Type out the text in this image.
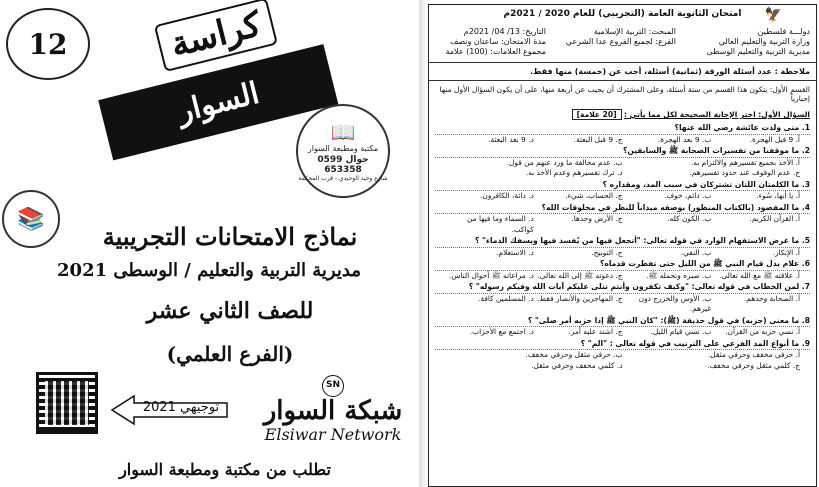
12	كراسة
السوار
📖
مكتبة ومطبعة السوار
جوال 0599 653358
شارع وحيد الوحيدي - قرب المحكمة
📚
نماذج الامتحانات التجريبية
مديرية التربية والتعليم / الوسطى 2021
للصف الثاني عشر
(الفرع العلمي)
توجيهي 2021
SN
شبكة السوار
Elsiwar Network
تطلب من مكتبة ومطبعة السوار
🦅
امتحان الثانوية العامة (التجريبي) للعام 2020 / 2021م
دولـــة فلسطين
وزارة التربية والتعليم العالي
مديرية التربية والتعليم الوسطى
المبحث: التربية الإسلامية
الفرع: لجميع الفروع عدا الشرعي
التاريخ: 13/ 04/ 2021م
مدة الامتحان: ساعتان ونصف
مجموع العلامات: (100) علامة
ملاحظة : عدد أسئلة الورقة (ثمانية) أسئلة، أجب عن (خمسة) منها فقط.
القسم الأول: يتكون هذا القسم من ستة أسئلة، وعلى المشترك أن يجيب عن أربعة منها، على أن يكون السؤال الأول منها إجبارياً
السؤال الأول: اختر الإجابة الصحيحة لكل مما يأتي : [20 علامة]
1. متى ولدت عائشة رضي الله عنها؟
أ. 9 قبل الهجرة.
ب. 9 بعد الهجرة.
ج. 9 قبل البعثة.
د. 9 بعد البعثة.
2. ما موقفنا من تفسيرات الصحابة ﷺ والسابقين؟
أ. الأخذ بجميع تفسيرهم والالتزام به.
ب. عدم مخالفة ما ورد عنهم من قول.
ج. عدم الوقوف عند حدود تفسيرهم.
د. ترك تفسيرهم وعدم الأخذ به.
3. ما الكلمتان اللتان تشتركان في سبب المد، ومقداره ؟
أ. يا أيها، سُوء.
ب. دائم، خوف.
ج. الحساب، شيء.
د. دائة، الكافرون.
4. ما المقصود (بالكتاب المنظور) بوصفه ميداناً للنظر في مخلوقات الله؟
أ. القرآن الكريم.
ب. الكون كله.
ج. الأرض وحدها.
د. السماء وما فيها من كواكب.
5. ما غرض الاستفهام الوارد في قوله تعالى: "أتجعل فيها من يُفسد فيها ويسفك الدماء" ؟
أ. الإنكار.
ب. النفي.
ج. التوبيخ.
د. الاستعلام.
6. علام يدل قيام النبي ﷺ من الليل حتى تفطرت قدماه؟
أ. علاقته ﷺ مع الله تعالى.
ب. صبره وتحمله ﷺ.
ج. دعوته ﷺ إلى الله تعالى.
د. مراعاته ﷺ أحوال الناس.
7. لمن الخطاب في قوله تعالى: "وكيف تكفرون وأنتم تتلى عليكم آيات الله وفيكم رسوله" ؟
أ. الصحابة وحدهم.
ب. الأوس والخزرج دون غيرهم.
ج. المهاجرين والأنصار فقط.
د. المسلمين كافة.
8. ما معنى (حزبه) في قول حذيفة (ﷺ): "كان النبي ﷺ إذا حزبه أمر صلى" ؟
أ. نسي حزبه من القرآن.
ب. نسي قيام الليل.
ج. اشتد عليه أمر.
د. اجتمع مع الأحزاب.
9. ما أنواع المد الفرعي على الترتيب في قوله تعالى : "الم" ؟
أ. حرفي مخفف وحرفي مثقل.
ب. حرفي مثقل وحرفي مخفف.
ج. كلمي مثقل وحرفي مخفف.
د. كلمي مخفف وحرفي مثقل.
